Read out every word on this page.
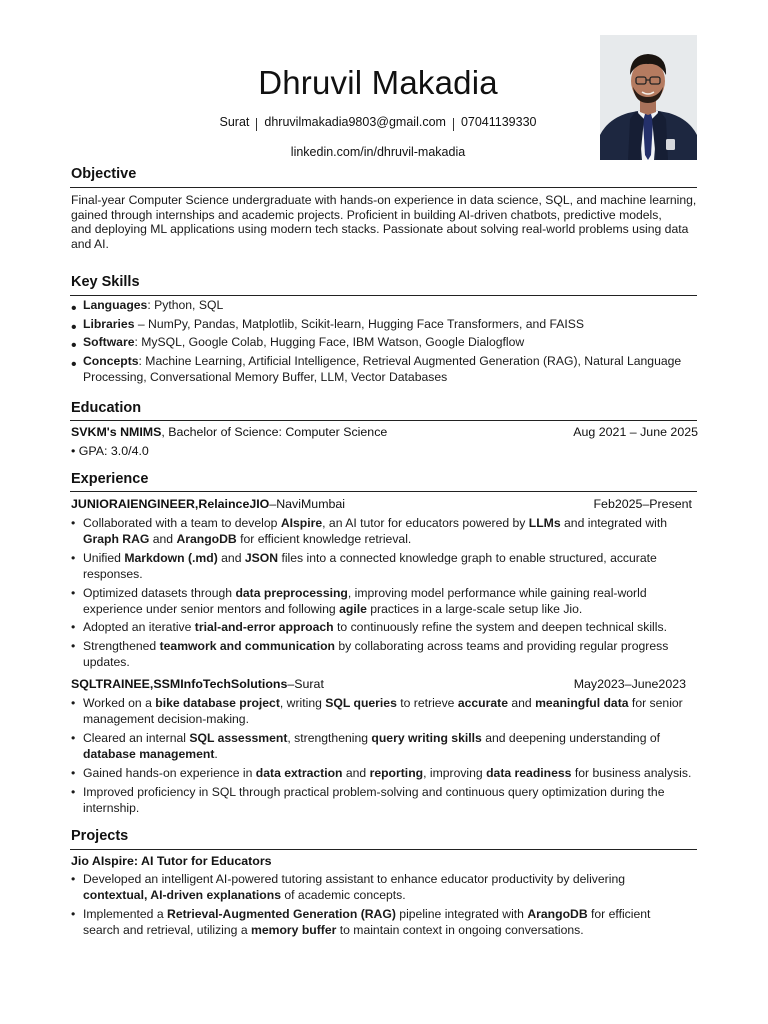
Dhruvil Makadia
Surat dhruvilmakadia9803@gmail.com 07041139330
linkedin.com/in/dhruvil-makadia
Objective
Final-year Computer Science undergraduate with hands-on experience in data science, SQL, and machine learning,
gained through internships and academic projects. Proficient in building AI-driven chatbots, predictive models,
and deploying ML applications using modern tech stacks. Passionate about solving real-world problems using data
and AI.
Key Skills
• Languages: Python, SQL
• Libraries – NumPy, Pandas, Matplotlib, Scikit-learn, Hugging Face Transformers, and FAISS
• Software: MySQL, Google Colab, Hugging Face, IBM Watson, Google Dialogflow
• Concepts: Machine Learning, Artificial Intelligence, Retrieval Augmented Generation (RAG), Natural Language
Processing, Conversational Memory Buffer, LLM, Vector Databases
Education
SVKM's NMIMS, Bachelor of Science: Computer Science	Aug 2021 – June 2025
• GPA: 3.0/4.0
Experience
JUNIORAIENGINEER,RelainceJIO–NaviMumbai	Feb2025–Present
• Collaborated with a team to develop AIspire, an AI tutor for educators powered by LLMs and integrated with
Graph RAG and ArangoDB for efficient knowledge retrieval.
• Unified Markdown (.md) and JSON files into a connected knowledge graph to enable structured, accurate
responses.
• Optimized datasets through data preprocessing, improving model performance while gaining real-world
experience under senior mentors and following agile practices in a large-scale setup like Jio.
• Adopted an iterative trial-and-error approach to continuously refine the system and deepen technical skills.
• Strengthened teamwork and communication by collaborating across teams and providing regular progress
updates.
SQLTRAINEE,SSMInfoTechSolutions–Surat	May2023–June2023
• Worked on a bike database project, writing SQL queries to retrieve accurate and meaningful data for senior
management decision-making.
• Cleared an internal SQL assessment, strengthening query writing skills and deepening understanding of
database management.
• Gained hands-on experience in data extraction and reporting, improving data readiness for business analysis.
• Improved proficiency in SQL through practical problem-solving and continuous query optimization during the
internship.
Projects
Jio AIspire: AI Tutor for Educators
• Developed an intelligent AI-powered tutoring assistant to enhance educator productivity by delivering
contextual, AI-driven explanations of academic concepts.
• Implemented a Retrieval-Augmented Generation (RAG) pipeline integrated with ArangoDB for efficient
search and retrieval, utilizing a memory buffer to maintain context in ongoing conversations.
